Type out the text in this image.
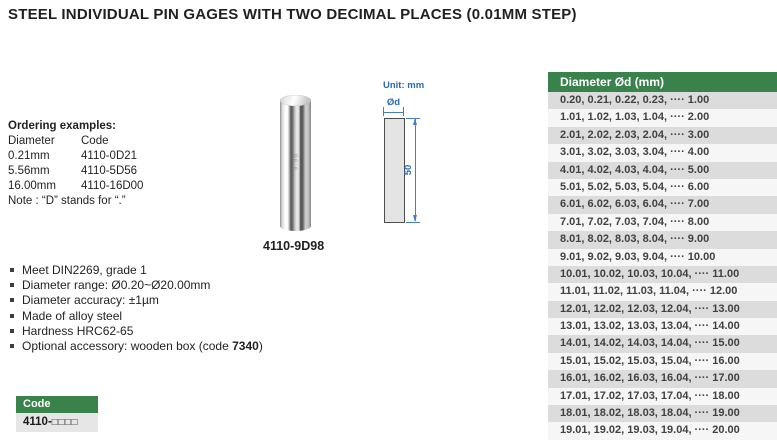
STEEL INDIVIDUAL PIN GAGES WITH TWO DECIMAL PLACES (0.01MM STEP)
Ordering examples:
Diameter	Code
0.21mm	4110-0D21
5.56mm	4110-5D56
16.00mm	4110-16D00
Note : “D” stands for “.”
9.98
4110-9D98
Unit: mm
Ød
50
Meet DIN2269, grade 1
Diameter range: Ø0.20~Ø20.00mm
Diameter accuracy: ±1µm
Made of alloy steel
Hardness HRC62-65
Optional accessory: wooden box (code 7340)
Code
4110-□□□□
Diameter Ød (mm)
0.20, 0.21, 0.22, 0.23, ···· 1.00
1.01, 1.02, 1.03, 1.04, ···· 2.00
2.01, 2.02, 2.03, 2.04, ···· 3.00
3.01, 3.02, 3.03, 3.04, ···· 4.00
4.01, 4.02, 4.03, 4.04, ···· 5.00
5.01, 5.02, 5.03, 5.04, ···· 6.00
6.01, 6.02, 6.03, 6.04, ···· 7.00
7.01, 7.02, 7.03, 7.04, ···· 8.00
8.01, 8.02, 8.03, 8.04, ···· 9.00
9.01, 9.02, 9.03, 9.04, ···· 10.00
10.01, 10.02, 10.03, 10.04, ···· 11.00
11.01, 11.02, 11.03, 11.04, ···· 12.00
12.01, 12.02, 12.03, 12.04, ···· 13.00
13.01, 13.02, 13.03, 13.04, ···· 14.00
14.01, 14.02, 14.03, 14.04, ···· 15.00
15.01, 15.02, 15.03, 15.04, ···· 16.00
16.01, 16.02, 16.03, 16.04, ···· 17.00
17.01, 17.02, 17.03, 17.04, ···· 18.00
18.01, 18.02, 18.03, 18.04, ···· 19.00
19.01, 19.02, 19.03, 19.04, ···· 20.00
